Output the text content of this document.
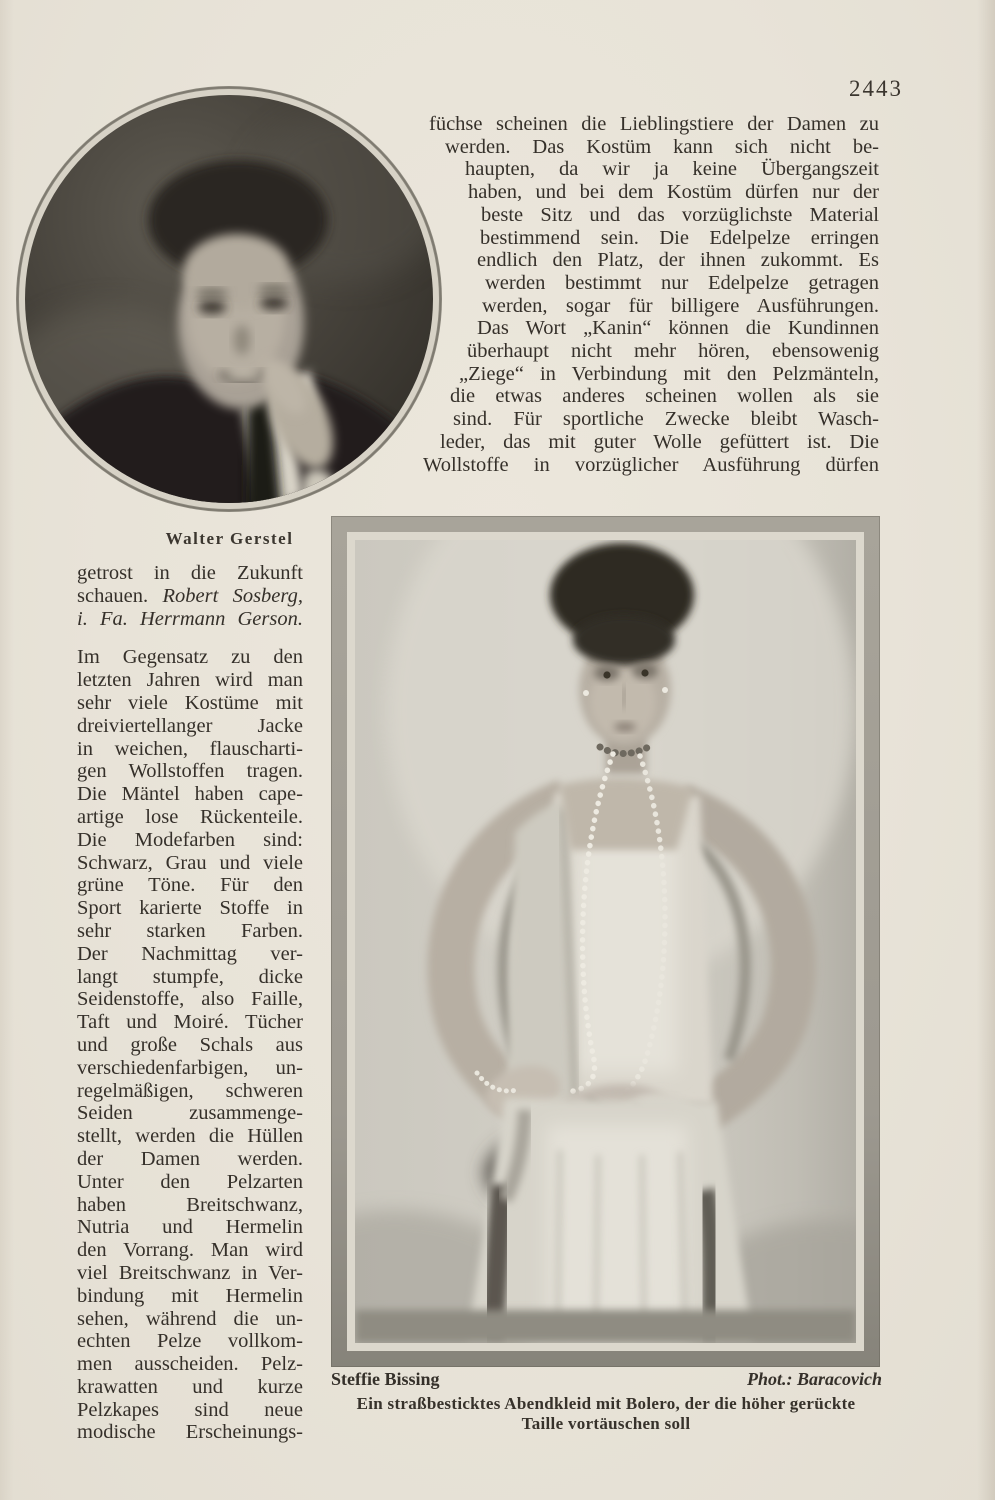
2443
Walter Gerstel
füchse scheinen die Lieblingstiere der Damen zu
werden. Das Kostüm kann sich nicht be-
haupten, da wir ja keine Übergangszeit
haben, und bei dem Kostüm dürfen nur der
beste Sitz und das vorzüglichste Material
bestimmend sein. Die Edelpelze erringen
endlich den Platz, der ihnen zukommt. Es
werden bestimmt nur Edelpelze getragen
werden, sogar für billigere Ausführungen.
Das Wort „Kanin“ können die Kundinnen
überhaupt nicht mehr hören, ebensowenig
„Ziege“ in Verbindung mit den Pelzmänteln,
die etwas anderes scheinen wollen als sie
sind. Für sportliche Zwecke bleibt Wasch-
leder, das mit guter Wolle gefüttert ist. Die
Wollstoffe in vorzüglicher Ausführung dürfen
getrost in die Zukunft
schauen. Robert Sosberg,
i. Fa. Herrmann Gerson.
Im Gegensatz zu den
letzten Jahren wird man
sehr viele Kostüme mit
dreiviertellanger Jacke
in weichen, flauscharti-
gen Wollstoffen tragen.
Die Mäntel haben cape-
artige lose Rückenteile.
Die Modefarben sind:
Schwarz, Grau und viele
grüne Töne. Für den
Sport karierte Stoffe in
sehr starken Farben.
Der Nachmittag ver-
langt stumpfe, dicke
Seidenstoffe, also Faille,
Taft und Moiré. Tücher
und große Schals aus
verschiedenfarbigen, un-
regelmäßigen, schweren
Seiden zusammenge-
stellt, werden die Hüllen
der Damen werden.
Unter den Pelzarten
haben Breitschwanz,
Nutria und Hermelin
den Vorrang. Man wird
viel Breitschwanz in Ver-
bindung mit Hermelin
sehen, während die un-
echten Pelze vollkom-
men ausscheiden. Pelz-
krawatten und kurze
Pelzkapes sind neue
modische Erscheinungs-
Steffie Bissing	Phot.: Baracovich
Ein straßbesticktes Abendkleid mit Bolero, der die höher gerückte
Taille vortäuschen soll
